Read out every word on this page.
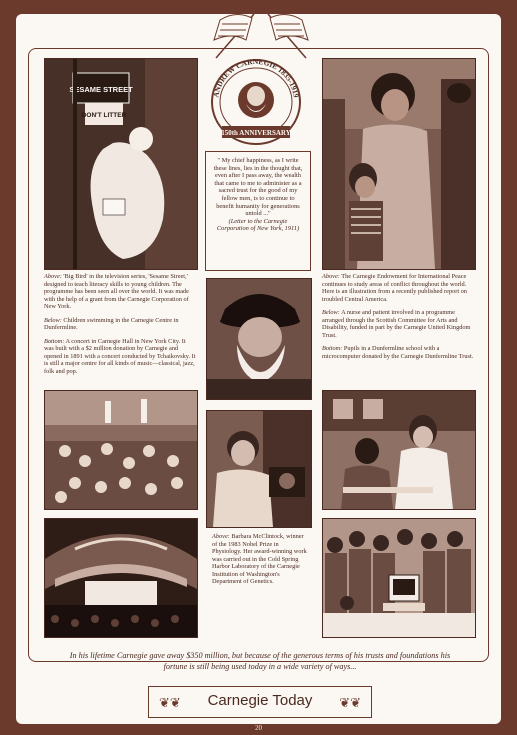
ANDREW CARNEGIE 1835-1919
150th ANNIVERSARY
" My chief happiness, as I write these lines, lies in the thought that, even after I pass away, the wealth that came to me to administer as a sacred trust for the good of my fellow men, is to continue to benefit humanity for generations untold ..."
(Letter to the Carnegie Corporation of New York, 1911)
SESAME STREET
DON'T LITTER

Above: 'Big Bird' in the television series, 'Sesame Street,' designed to teach literacy skills to young children. The programme has been seen all over the world. It was made with the help of a grant from the Carnegie Corporation of New York.

Below: Children swimming in the Carnegie Centre in Dunfermline.

Bottom: A concert in Carnegie Hall in New York City. It was built with a $2 million donation by Carnegie and opened in 1891 with a concert conducted by Tchaikovsky. It is still a major centre for all kinds of music—classical, jazz, folk and pop.

Above: The Carnegie Endowment for International Peace continues to study areas of conflict throughout the world. Here is an illustration from a recently published report on troubled Central America.

Below: A nurse and patient involved in a programme arranged through the Scottish Committee for Arts and Disability, funded in part by the Carnegie United Kingdom Trust.

Bottom: Pupils in a Dunfermline school with a microcomputer donated by the Carnegie Dunfermline Trust.

Above: Barbara McClintock, winner of the 1983 Nobel Prize in Physiology. Her award-winning work was carried out in the Cold Spring Harbor Laboratory of the Carnegie Institution of Washington's Department of Genetics.

In his lifetime Carnegie gave away $350 million, but because of the generous terms of his trusts and foundations his fortune is still being used today in a wide variety of ways...
❦❦	Carnegie Today	❦❦
20
